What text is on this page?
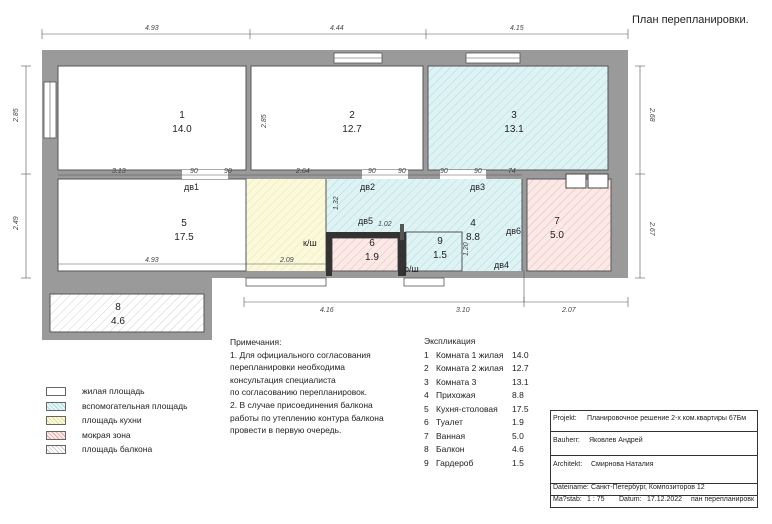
4.93	4.44	4.15
2.85
2.49
2.68
2.67
2.85
3.13	90	90	2.64	90	90	90	90	74
4.93	2.09
4.16	3.10	2.07
1.32
1.02
1.20
1
14.0
2
12.7
3
13.1
4
8.8
5
17.5
6
1.9
7
5.0
8
4.6
9
1.5
дв1	дв2	дв3
дв4
дв5
дв6
к/ш
р/ш
План перепланировки.
Примечания:
1. Для официального согласования
перепланировки необходима
консультация специалиста
по согласованию перепланировок.
2. В случае присоединения балкона
работы по утеплению контура балкона
провести в первую очередь.
Экспликация
1 Комната 1 жилая 14.0
2 Комната 2 жилая 12.7
3 Комната 3	13.1
4 Прихожая	8.8
5 Кухня-столовая 17.5
6 Туалет	1.9
7 Ванная	5.0
8 Балкон	4.6
9 Гардероб	1.5
жилая площадь
вспомогательная площадь
площадь кухни
мокрая зона
площадь балкона
Projekt: Планировочное решение 2-х ком.квартиры 67Бм
Bauherr: Яковлев Андрей
Architekt: Смирнова Наталия
Dateiname: Санкт-Петербург, Композиторов 12
Ma?stab: 1 : 75 Datum: 17.12.2022 пан перепланировк
